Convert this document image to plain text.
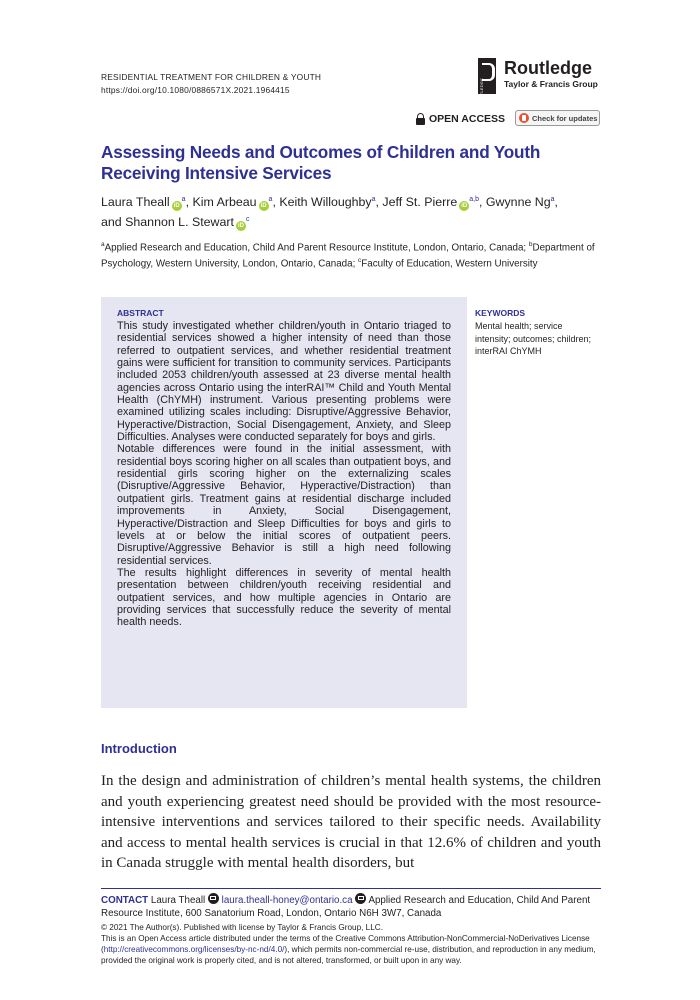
RESIDENTIAL TREATMENT FOR CHILDREN & YOUTH
https://doi.org/10.1080/0886571X.2021.1964415	ROUTLEDGE
Routledge
Taylor & Francis Group
OPEN ACCESS	Check for updates
Assessing Needs and Outcomes of Children and Youth Receiving Intensive Services
Laura Theall $iD^a$, Kim Arbeau $iD^a$, Keith Willoughby$^a$, Jeff St. Pierre iD$^{a,b}$, Gwynne Ng$^a$,
and Shannon L. Stewart $iD^c$
$^a$Applied Research and Education, Child And Parent Resource Institute, London, Ontario, Canada; $^b$Department of Psychology, Western University, London, Ontario, Canada; $^c$Faculty of Education, Western University
ABSTRACT

This study investigated whether children/youth in Ontario triaged to residential services showed a higher intensity of need than those referred to outpatient services, and whether residential treatment gains were sufficient for transition to community services. Participants included 2053 children/youth assessed at 23 diverse mental health agencies across Ontario using the interRAI™ Child and Youth Mental Health (ChYMH) instrument. Various presenting problems were examined utilizing scales including: Disruptive/Aggressive Behavior, Hyperactive/Distraction, Social Disengagement, Anxiety, and Sleep Difficulties. Analyses were conducted separately for boys and girls.

Notable differences were found in the initial assessment, with residential boys scoring higher on all scales than outpatient boys, and residential girls scoring higher on the externalizing scales (Disruptive/Aggressive Behavior, Hyperactive/Distraction) than outpatient girls. Treatment gains at residential discharge included improvements in Anxiety, Social Disengagement, Hyperactive/Distraction and Sleep Difficulties for boys and girls to levels at or below the initial scores of outpatient peers. Disruptive/Aggressive Behavior is still a high need following residential services.

The results highlight differences in severity of mental health presentation between children/youth receiving residential and outpatient services, and how multiple agencies in Ontario are providing services that successfully reduce the severity of mental health needs.

KEYWORDS
Mental health; service intensity; outcomes; children; interRAI ChYMH
Introduction
In the design and administration of children’s mental health systems, the children and youth experiencing greatest need should be provided with the most resource-intensive interventions and services tailored to their specific needs. Availability and access to mental health services is crucial in that 12.6% of children and youth in Canada struggle with mental health disorders, but
CONTACT Laura Theall laura.theall-honey@ontario.ca Applied Research and Education, Child And Parent Resource Institute, 600 Sanatorium Road, London, Ontario N6H 3W7, Canada

© 2021 The Author(s). Published with license by Taylor & Francis Group, LLC.

This is an Open Access article distributed under the terms of the Creative Commons Attribution-NonCommercial-NoDerivatives License (http://creativecommons.org/licenses/by-nc-nd/4.0/), which permits non-commercial re-use, distribution, and reproduction in any medium, provided the original work is properly cited, and is not altered, transformed, or built upon in any way.
